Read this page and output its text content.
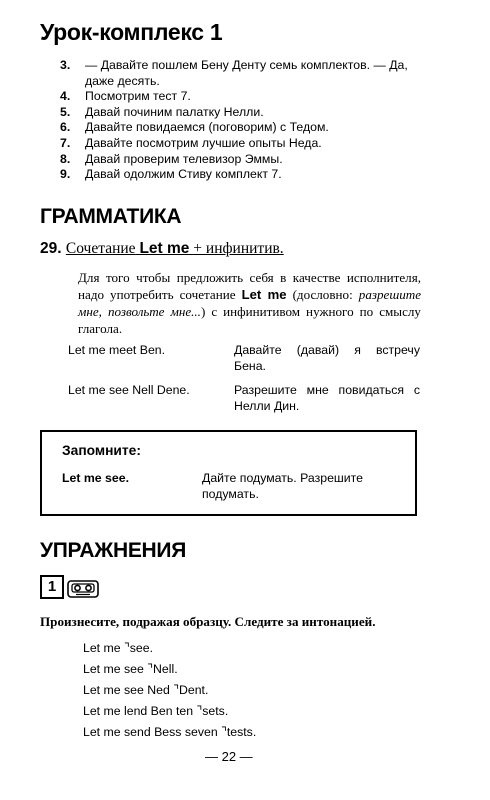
Урок-комплекс 1
3. — Давайте пошлем Бену Денту семь комплектов. — Да, даже десять.
4. Посмотрим тест 7.
5. Давай починим палатку Нелли.
6. Давайте повидаемся (поговорим) с Тедом.
7. Давайте посмотрим лучшие опыты Неда.
8. Давай проверим телевизор Эммы.
9. Давай одолжим Стиву комплект 7.
ГРАММАТИКА
29. Сочетание Let me + инфинитив.
Для того чтобы предложить себя в качестве исполнителя, надо употребить сочетание Let me (дословно: разрешите мне, позвольте мне...) с инфинитивом нужного по смыслу глагола.
Let me meet Ben.	Давайте (давай) я встречу Бена.
Let me see Nell Dene.	Разрешите мне повидаться с Нелли Дин.
Запомните:
Let me see.	Дайте подумать. Разрешите подумать.
УПРАЖНЕНИЯ
1
Произнесите, подражая образцу. Следите за интонацией.
Let me ⌝see.
Let me see ⌝Nell.
Let me see Ned ⌝Dent.
Let me lend Ben ten ⌝sets.
Let me send Bess seven ⌝tests.
— 22 —
